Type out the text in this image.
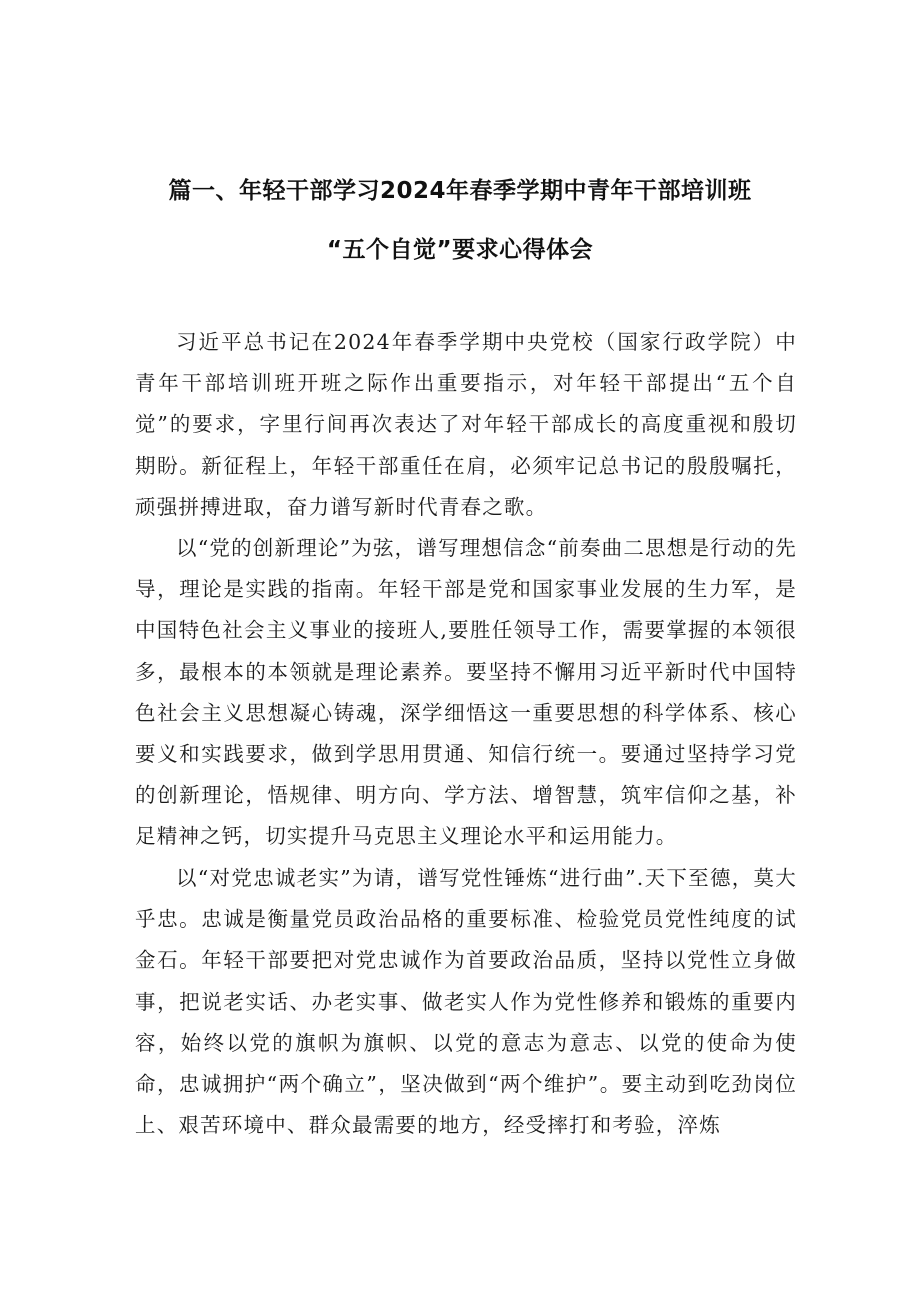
篇一、年轻干部学习2024年春季学期中青年干部培训班
“五个自觉”要求心得体会

习近平总书记在2024年春季学期中央党校（国家行政学院）中青年干部培训班开班之际作出重要指示，对年轻干部提出“五个自觉”的要求，字里行间再次表达了对年轻干部成长的高度重视和殷切期盼。新征程上，年轻干部重任在肩，必须牢记总书记的殷殷嘱托，顽强拼搏进取，奋力谱写新时代青春之歌。

以“党的创新理论”为弦，谱写理想信念“前奏曲二思想是行动的先导，理论是实践的指南。年轻干部是党和国家事业发展的生力军，是中国特色社会主义事业的接班人,要胜任领导工作，需要掌握的本领很多，最根本的本领就是理论素养。要坚持不懈用习近平新时代中国特色社会主义思想凝心铸魂，深学细悟这一重要思想的科学体系、核心要义和实践要求，做到学思用贯通、知信行统一。要通过坚持学习党的创新理论，悟规律、明方向、学方法、增智慧，筑牢信仰之基，补足精神之钙，切实提升马克思主义理论水平和运用能力。

以“对党忠诚老实”为请，谱写党性锤炼“进行曲”.天下至德，莫大乎忠。忠诚是衡量党员政治品格的重要标准、检验党员党性纯度的试金石。年轻干部要把对党忠诚作为首要政治品质，坚持以党性立身做事，把说老实话、办老实事、做老实人作为党性修养和锻炼的重要内容，始终以党的旗帜为旗帜、以党的意志为意志、以党的使命为使命，忠诚拥护“两个确立”，坚决做到“两个维护”。要主动到吃劲岗位上、艰苦环境中、群众最需要的地方，经受摔打和考验，淬炼
